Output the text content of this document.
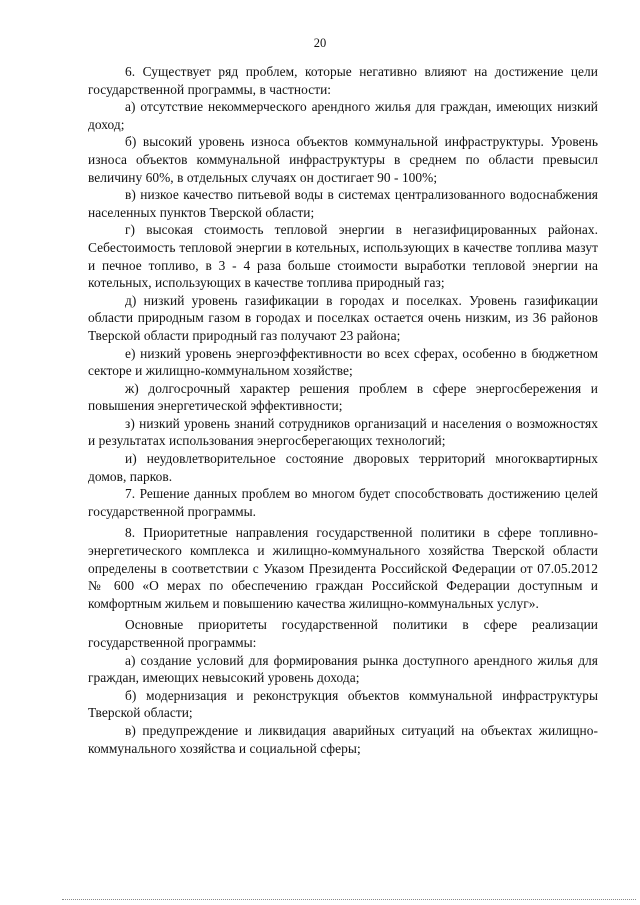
20

6. Существует ряд проблем, которые негативно влияют на достижение цели государственной программы, в частности:

а) отсутствие некоммерческого арендного жилья для граждан, имеющих низкий доход;

б) высокий уровень износа объектов коммунальной инфраструктуры. Уровень износа объектов коммунальной инфраструктуры в среднем по области превысил величину 60%, в отдельных случаях он достигает 90 - 100%;

в) низкое качество питьевой воды в системах централизованного водоснабжения населенных пунктов Тверской области;

г) высокая стоимость тепловой энергии в негазифицированных районах. Себестоимость тепловой энергии в котельных, использующих в качестве топлива мазут и печное топливо, в 3 - 4 раза больше стоимости выработки тепловой энергии на котельных, использующих в качестве топлива природный газ;

д) низкий уровень газификации в городах и поселках. Уровень газификации области природным газом в городах и поселках остается очень низким, из 36 районов Тверской области природный газ получают 23 района;

е) низкий уровень энергоэффективности во всех сферах, особенно в бюджетном секторе и жилищно-коммунальном хозяйстве;

ж) долгосрочный характер решения проблем в сфере энергосбережения и повышения энергетической эффективности;

з) низкий уровень знаний сотрудников организаций и населения о возможностях и результатах использования энергосберегающих технологий;

и) неудовлетворительное состояние дворовых территорий многоквартирных домов, парков.

7. Решение данных проблем во многом будет способствовать достижению целей государственной программы.

8. Приоритетные направления государственной политики в сфере топливно-энергетического комплекса и жилищно-коммунального хозяйства Тверской области определены в соответствии с Указом Президента Российской Федерации от 07.05.2012 № 600 «О мерах по обеспечению граждан Российской Федерации доступным и комфортным жильем и повышению качества жилищно-коммунальных услуг».

Основные приоритеты государственной политики в сфере реализации государственной программы:

а) создание условий для формирования рынка доступного арендного жилья для граждан, имеющих невысокий уровень дохода;

б) модернизация и реконструкция объектов коммунальной инфраструктуры Тверской области;

в) предупреждение и ликвидация аварийных ситуаций на объектах жилищно-коммунального хозяйства и социальной сферы;
